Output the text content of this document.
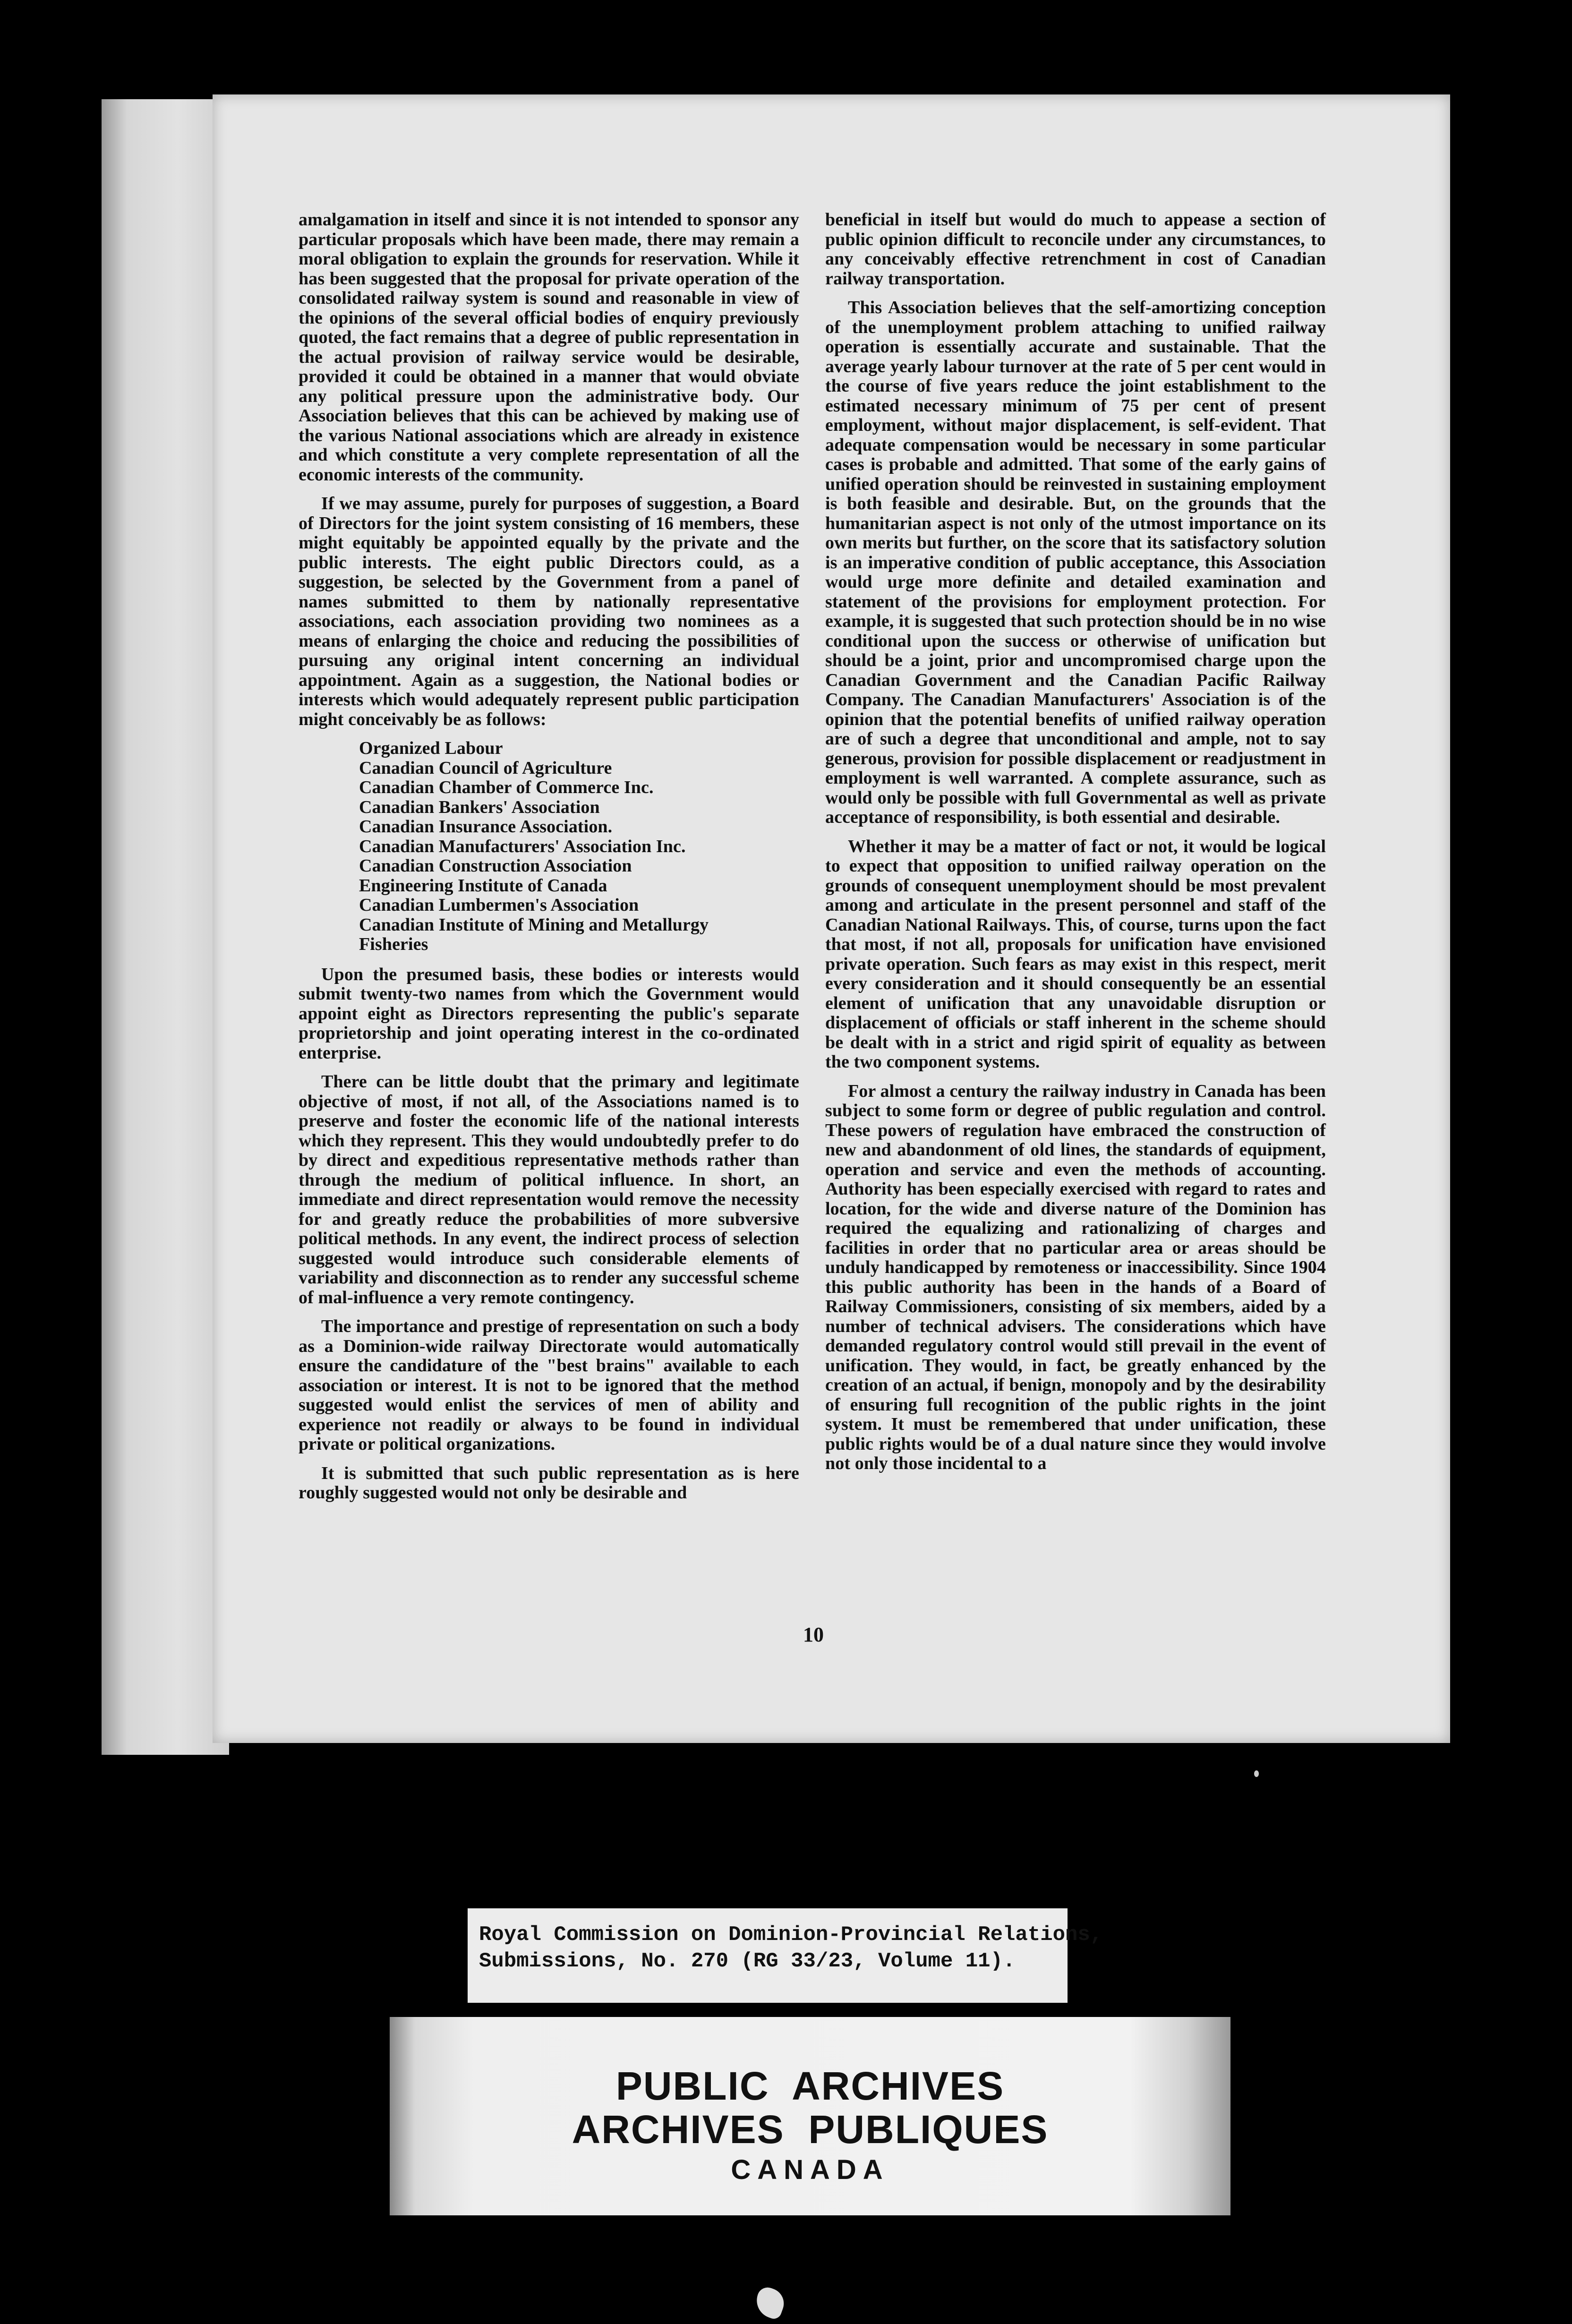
amalgamation in itself and since it is not intended to sponsor any particular proposals which have been made, there may remain a moral obligation to explain the grounds for reservation. While it has been suggested that the proposal for private operation of the consolidated railway system is sound and reasonable in view of the opinions of the several official bodies of enquiry previously quoted, the fact remains that a degree of public representation in the actual provision of railway service would be desirable, provided it could be obtained in a manner that would obviate any political pressure upon the administrative body. Our Association believes that this can be achieved by making use of the various National associations which are already in existence and which constitute a very complete representation of all the economic interests of the community.

If we may assume, purely for purposes of suggestion, a Board of Directors for the joint system consisting of 16 members, these might equitably be appointed equally by the private and the public interests. The eight public Directors could, as a suggestion, be selected by the Government from a panel of names submitted to them by nationally representative associations, each association providing two nominees as a means of enlarging the choice and reducing the possibilities of pursuing any original intent concerning an individual appointment. Again as a suggestion, the National bodies or interests which would adequately represent public participation might conceivably be as follows:

Organized Labour
Canadian Council of Agriculture
Canadian Chamber of Commerce Inc.
Canadian Bankers' Association
Canadian Insurance Association.
Canadian Manufacturers' Association Inc.
Canadian Construction Association
Engineering Institute of Canada
Canadian Lumbermen's Association
Canadian Institute of Mining and Metallurgy
Fisheries

Upon the presumed basis, these bodies or interests would submit twenty-two names from which the Government would appoint eight as Directors representing the public's separate proprietorship and joint operating interest in the co-ordinated enterprise.

There can be little doubt that the primary and legitimate objective of most, if not all, of the Associations named is to preserve and foster the economic life of the national interests which they represent. This they would undoubtedly prefer to do by direct and expeditious representative methods rather than through the medium of political influence. In short, an immediate and direct representation would remove the necessity for and greatly reduce the probabilities of more subversive political methods. In any event, the indirect process of selection suggested would introduce such considerable elements of variability and disconnection as to render any successful scheme of mal-influence a very remote contingency.

The importance and prestige of representation on such a body as a Dominion-wide railway Directorate would automatically ensure the candidature of the "best brains" available to each association or interest. It is not to be ignored that the method suggested would enlist the services of men of ability and experience not readily or always to be found in individual private or political organizations.

It is submitted that such public representation as is here roughly suggested would not only be desirable and

beneficial in itself but would do much to appease a section of public opinion difficult to reconcile under any circumstances, to any conceivably effective retrenchment in cost of Canadian railway transportation.

This Association believes that the self-amortizing conception of the unemployment problem attaching to unified railway operation is essentially accurate and sustainable. That the average yearly labour turnover at the rate of 5 per cent would in the course of five years reduce the joint establishment to the estimated necessary minimum of 75 per cent of present employment, without major displacement, is self-evident. That adequate compensation would be necessary in some particular cases is probable and admitted. That some of the early gains of unified operation should be reinvested in sustaining employment is both feasible and desirable. But, on the grounds that the humanitarian aspect is not only of the utmost importance on its own merits but further, on the score that its satisfactory solution is an imperative condition of public acceptance, this Association would urge more definite and detailed examination and statement of the provisions for employment protection. For example, it is suggested that such protection should be in no wise conditional upon the success or otherwise of unification but should be a joint, prior and uncompromised charge upon the Canadian Government and the Canadian Pacific Railway Company. The Canadian Manufacturers' Association is of the opinion that the potential benefits of unified railway operation are of such a degree that unconditional and ample, not to say generous, provision for possible displacement or readjustment in employment is well warranted. A complete assurance, such as would only be possible with full Governmental as well as private acceptance of responsibility, is both essential and desirable.

Whether it may be a matter of fact or not, it would be logical to expect that opposition to unified railway operation on the grounds of consequent unemployment should be most prevalent among and articulate in the present personnel and staff of the Canadian National Railways. This, of course, turns upon the fact that most, if not all, proposals for unification have envisioned private operation. Such fears as may exist in this respect, merit every consideration and it should consequently be an essential element of unification that any unavoidable disruption or displacement of officials or staff inherent in the scheme should be dealt with in a strict and rigid spirit of equality as between the two component systems.

For almost a century the railway industry in Canada has been subject to some form or degree of public regulation and control. These powers of regulation have embraced the construction of new and abandonment of old lines, the standards of equipment, operation and service and even the methods of accounting. Authority has been especially exercised with regard to rates and location, for the wide and diverse nature of the Dominion has required the equalizing and rationalizing of charges and facilities in order that no particular area or areas should be unduly handicapped by remoteness or inaccessibility. Since 1904 this public authority has been in the hands of a Board of Railway Commissioners, consisting of six members, aided by a number of technical advisers. The considerations which have demanded regulatory control would still prevail in the event of unification. They would, in fact, be greatly enhanced by the creation of an actual, if benign, monopoly and by the desirability of ensuring full recognition of the public rights in the joint system. It must be remembered that under unification, these public rights would be of a dual nature since they would involve not only those incidental to a

10
Royal Commission on Dominion-Provincial Relations,
Submissions, No. 270 (RG 33/23, Volume 11).
PUBLIC  ARCHIVES
ARCHIVES  PUBLIQUES
CANADA
